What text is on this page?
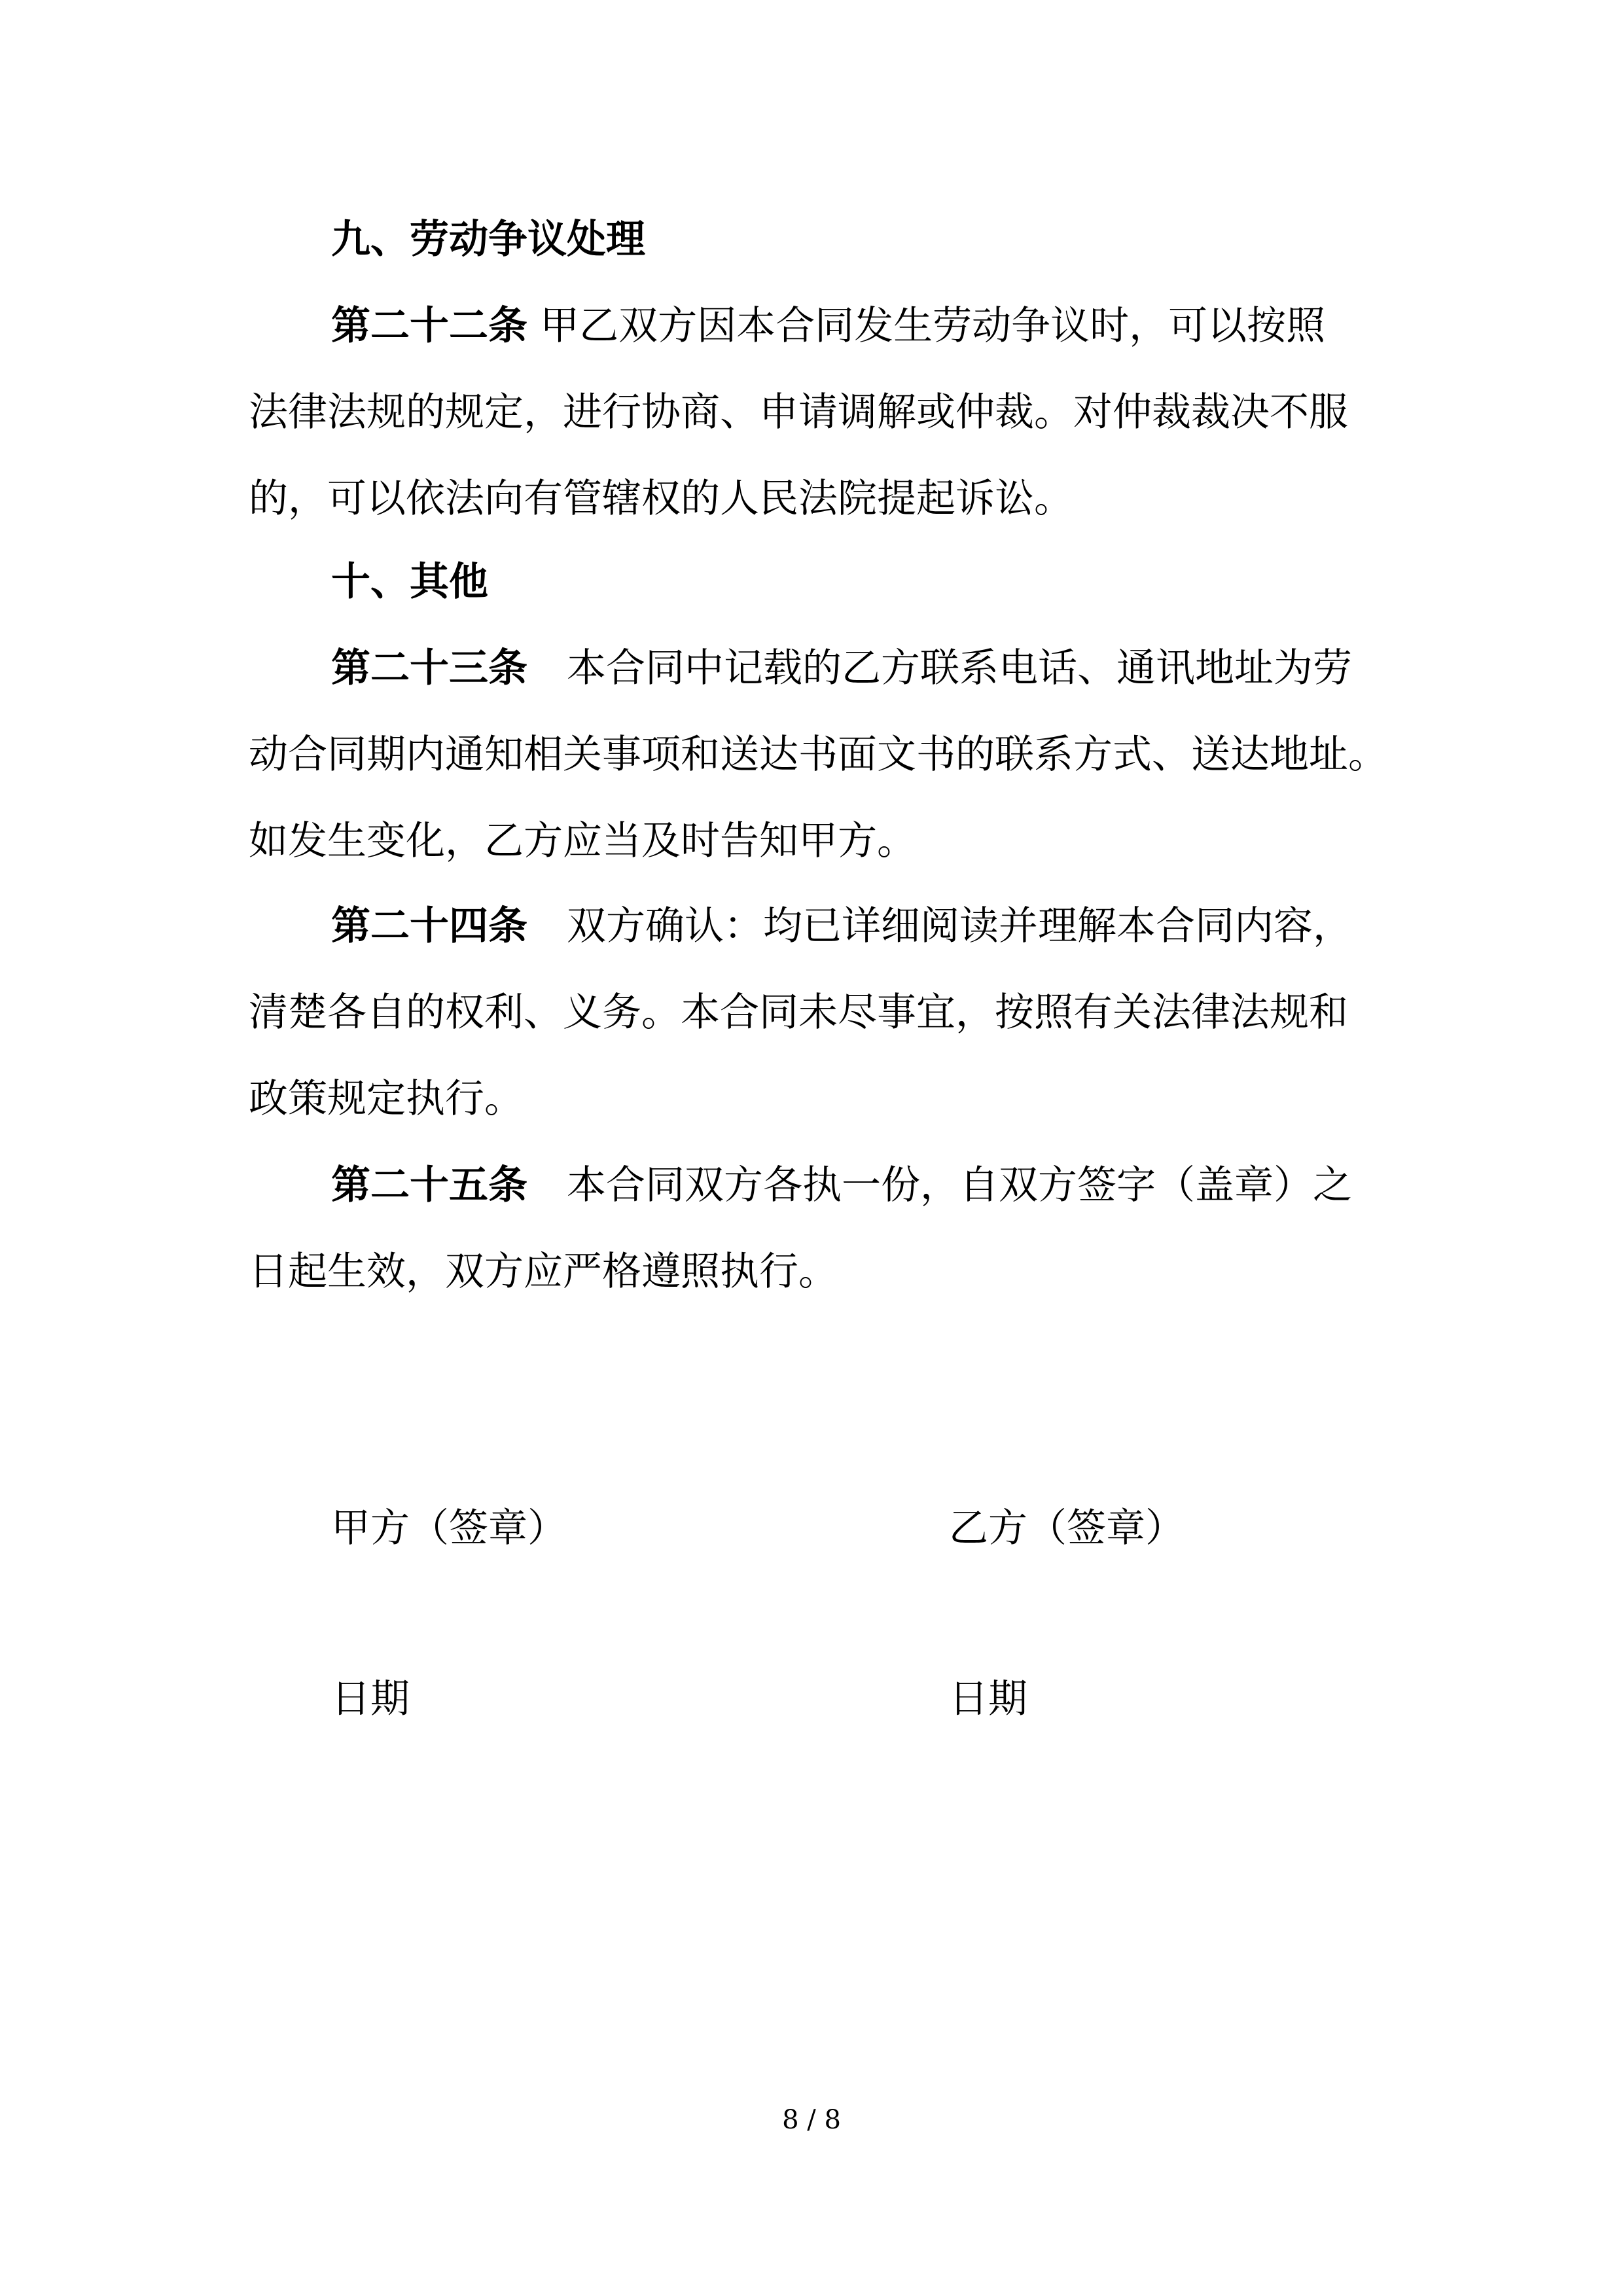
九、劳动争议处理

第二十二条 甲乙双方因本合同发生劳动争议时，可以按照

法律法规的规定，进行协商、申请调解或仲裁。对仲裁裁决不服

的，可以依法向有管辖权的人民法院提起诉讼。

十、其他

第二十三条　本合同中记载的乙方联系电话、通讯地址为劳

动合同期内通知相关事项和送达书面文书的联系方式、送达地址。

如发生变化，乙方应当及时告知甲方。

第二十四条　双方确认：均已详细阅读并理解本合同内容，

清楚各自的权利、义务。本合同未尽事宜，按照有关法律法规和

政策规定执行。

第二十五条　本合同双方各执一份，自双方签字（盖章）之

日起生效，双方应严格遵照执行。

甲方（签章）	乙方（签章）

日期	日期

8 / 8
